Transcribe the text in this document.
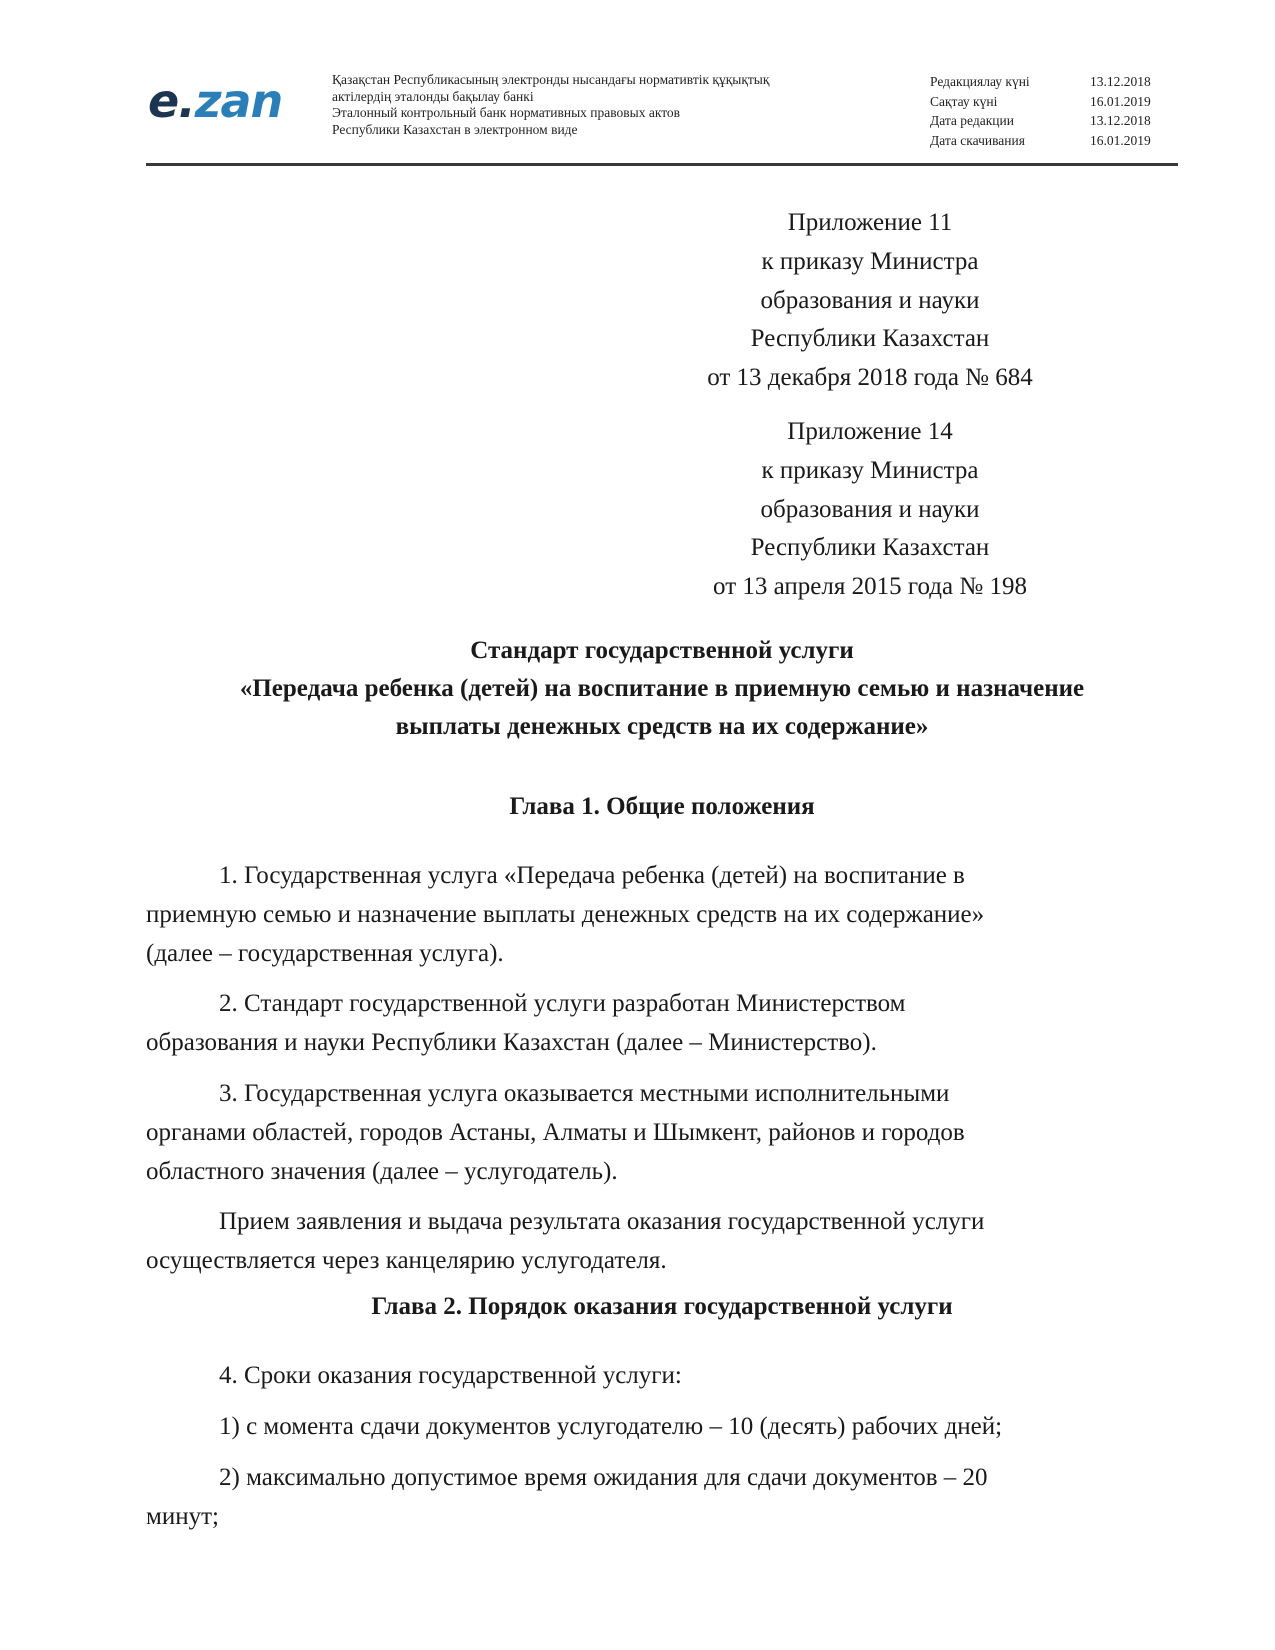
e.zan	Қазақстан Республикасының электронды нысандағы нормативтік құқықтық
актілердің эталонды бақылау банкі
Эталонный контрольный банк нормативных правовых актов
Республики Казахстан в электронном виде
Редакциялау күні	13.12.2018
Сақтау күні	16.01.2019
Дата редакции	13.12.2018
Дата скачивания	16.01.2019
Приложение 11
к приказу Министра
образования и науки
Республики Казахстан
от 13 декабря 2018 года № 684
Приложение 14
к приказу Министра
образования и науки
Республики Казахстан
от 13 апреля 2015 года № 198
Стандарт государственной услуги
«Передача ребенка (детей) на воспитание в приемную семью и назначение
выплаты денежных средств на их содержание»
Глава 1. Общие положения
1. Государственная услуга «Передача ребенка (детей) на воспитание в
приемную семью и назначение выплаты денежных средств на их содержание»
(далее – государственная услуга).
2. Стандарт государственной услуги разработан Министерством
образования и науки Республики Казахстан (далее – Министерство).
3. Государственная услуга оказывается местными исполнительными
органами областей, городов Астаны, Алматы и Шымкент, районов и городов
областного значения (далее – услугодатель).
Прием заявления и выдача результата оказания государственной услуги
осуществляется через канцелярию услугодателя.
Глава 2. Порядок оказания государственной услуги
4. Сроки оказания государственной услуги:
1) с момента сдачи документов услугодателю – 10 (десять) рабочих дней;
2) максимально допустимое время ожидания для сдачи документов – 20
минут;
